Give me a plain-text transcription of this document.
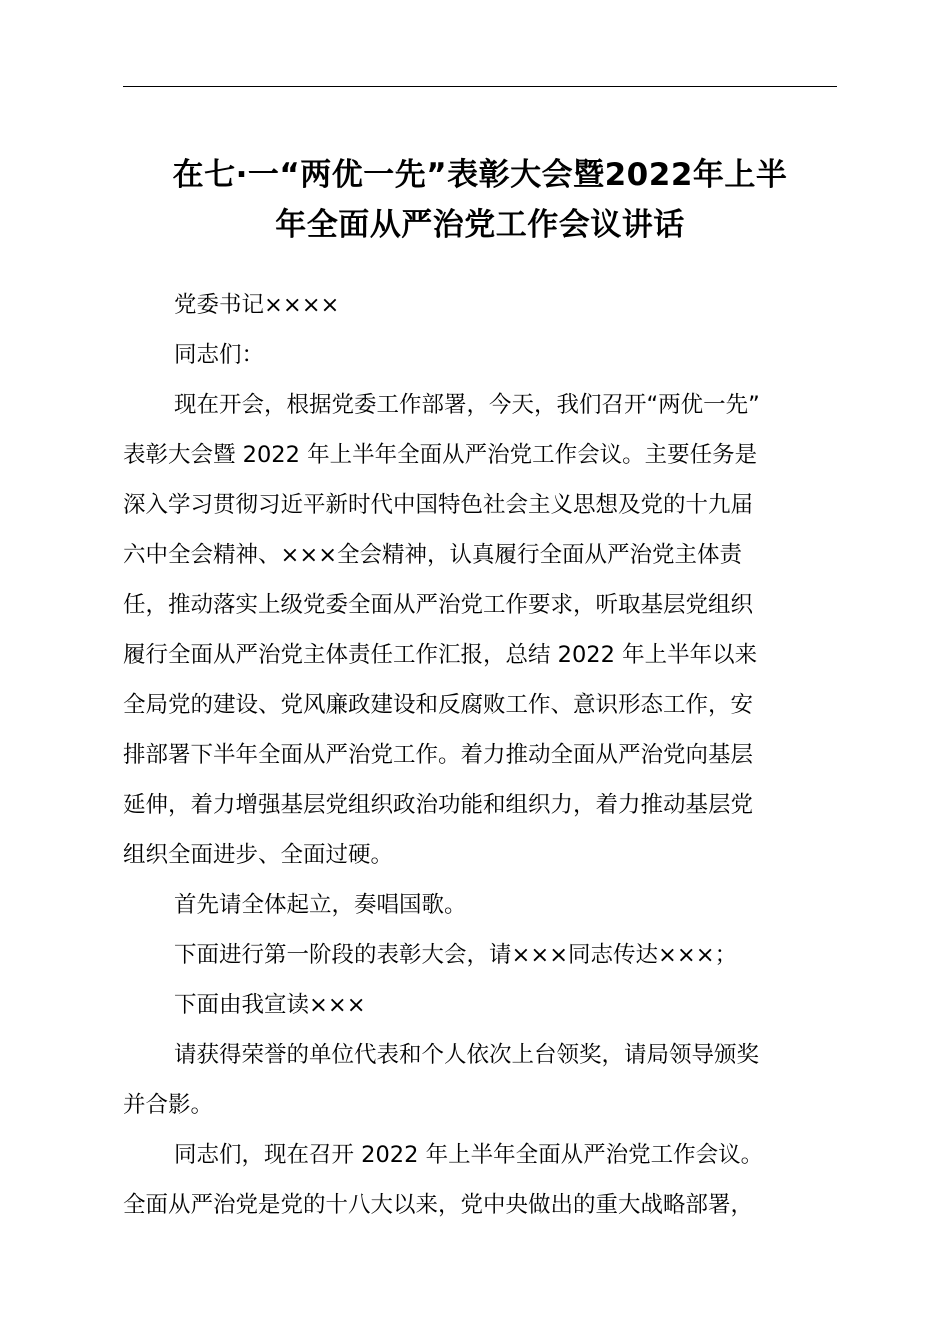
在七·一“两优一先”表彰大会暨2022年上半
年全面从严治党工作会议讲话

党委书记××××

同志们：

现在开会，根据党委工作部署，今天，我们召开“两优一先”

表彰大会暨 2022 年上半年全面从严治党工作会议。主要任务是

深入学习贯彻习近平新时代中国特色社会主义思想及党的十九届

六中全会精神、×××全会精神，认真履行全面从严治党主体责

任，推动落实上级党委全面从严治党工作要求，听取基层党组织

履行全面从严治党主体责任工作汇报，总结 2022 年上半年以来

全局党的建设、党风廉政建设和反腐败工作、意识形态工作，安

排部署下半年全面从严治党工作。着力推动全面从严治党向基层

延伸，着力增强基层党组织政治功能和组织力，着力推动基层党

组织全面进步、全面过硬。

首先请全体起立，奏唱国歌。

下面进行第一阶段的表彰大会，请×××同志传达×××；

下面由我宣读×××

请获得荣誉的单位代表和个人依次上台领奖，请局领导颁奖

并合影。

同志们，现在召开 2022 年上半年全面从严治党工作会议。

全面从严治党是党的十八大以来，党中央做出的重大战略部署，
